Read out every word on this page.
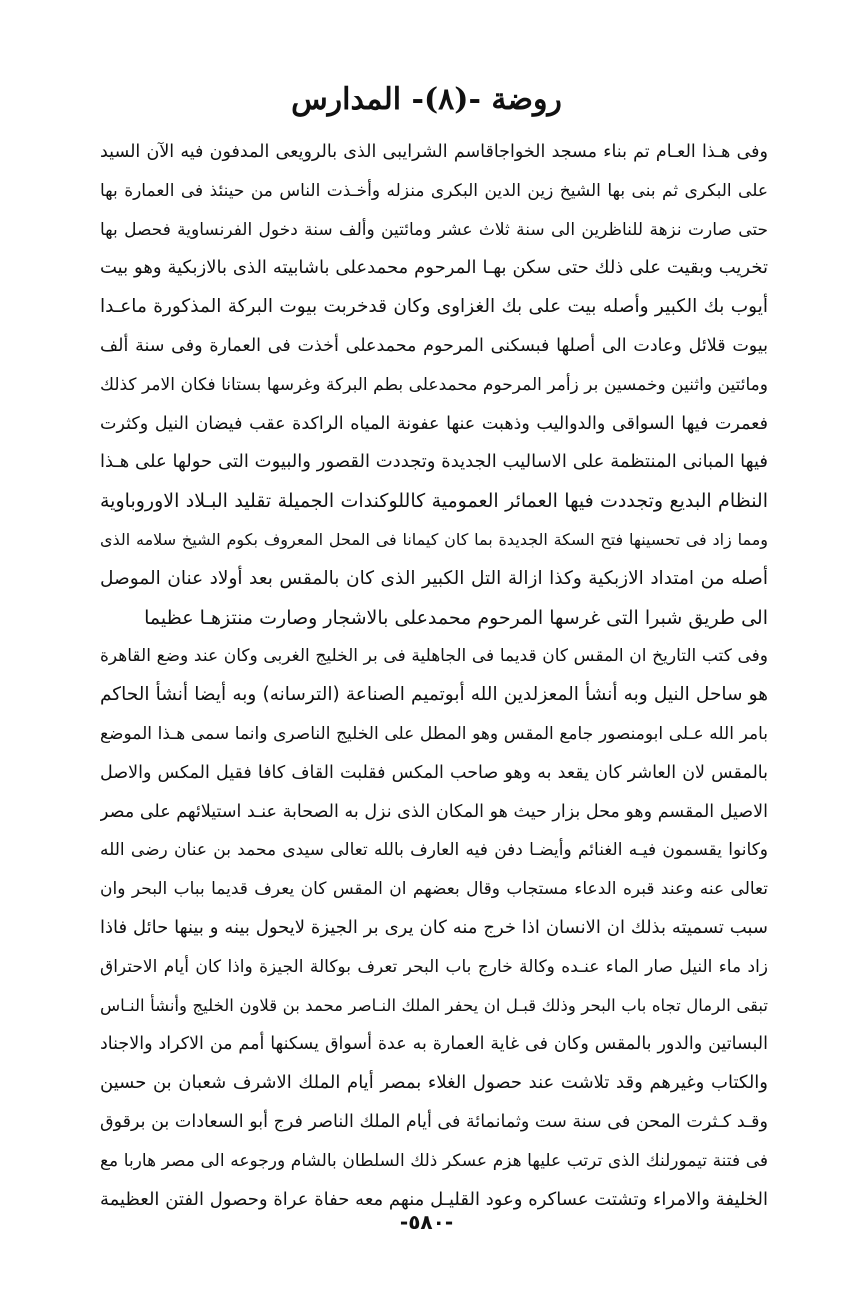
روضة -(٨)- المدارس
وفى هـذا العـام تم بناء مسجد الخواجاقاسم الشرايبى الذى بالرويعى المدفون فيه الآن السيد
على البكرى ثم بنى بها الشيخ زين الدين البكرى منزله وأخـذت الناس من حينئذ فى العمارة بها
حتى صارت نزهة للناظرين الى سنة ثلاث عشر ومائتين وألف سنة دخول الفرنساوية فحصل بها
تخريب وبقيت على ذلك حتى سكن بهـا المرحوم محمدعلى باشابيته الذى بالازبكية وهو بيت
أيوب بك الكبير وأصله بيت على بك الغزاوى وكان قدخربت بيوت البركة المذكورة ماعـدا
بيوت قلائل وعادت الى أصلها فبسكنى المرحوم محمدعلى أخذت فى العمارة وفى سنة ألف
ومائتين واثنين وخمسين بر زأمر المرحوم محمدعلى بطم البركة وغرسها بستانا فكان الامر كذلك
فعمرت فيها السواقى والدواليب وذهبت عنها عفونة المياه الراكدة عقب فيضان النيل وكثرت
فيها المبانى المنتظمة على الاساليب الجديدة وتجددت القصور والبيوت التى حولها على هـذا
النظام البديع وتجددت فيها العمائر العمومية كاللوكندات الجميلة تقليد البـلاد الاوروباوية
ومما زاد فى تحسينها فتح السكة الجديدة بما كان كيمانا فى المحل المعروف بكوم الشيخ سلامه الذى
أصله من امتداد الازبكية وكذا ازالة التل الكبير الذى كان بالمقس بعد أولاد عنان الموصل
الى طريق شبرا التى غرسها المرحوم محمدعلى بالاشجار وصارت منتزهـا عظيما
وفى كتب التاريخ ان المقس كان قديما فى الجاهلية فى بر الخليج الغربى وكان عند وضع القاهرة
هو ساحل النيل وبه أنشأ المعزلدين الله أبوتميم الصناعة (الترسانه) وبه أيضا أنشأ الحاكم
بامر الله عـلى ابومنصور جامع المقس وهو المطل على الخليج الناصرى وانما سمى هـذا الموضع
بالمقس لان العاشر كان يقعد به وهو صاحب المكس فقلبت القاف كافا فقيل المكس والاصل
الاصيل المقسم وهو محل بزار حيث هو المكان الذى نزل به الصحابة عنـد استيلائهم على مصر
وكانوا يقسمون فيـه الغنائم وأيضـا دفن فيه العارف بالله تعالى سيدى محمد بن عنان رضى الله
تعالى عنه وعند قبره الدعاء مستجاب وقال بعضهم ان المقس كان يعرف قديما بباب البحر وان
سبب تسميته بذلك ان الانسان اذا خرج منه كان يرى بر الجيزة لايحول بينه و بينها حائل فاذا
زاد ماء النيل صار الماء عنـده وكالة خارج باب البحر تعرف بوكالة الجيزة واذا كان أيام الاحتراق
تبقى الرمال تجاه باب البحر وذلك قبـل ان يحفر الملك النـاصر محمد بن قلاون الخليج وأنشأ النـاس
البساتين والدور بالمقس وكان فى غاية العمارة به عدة أسواق يسكنها أمم من الاكراد والاجناد
والكتاب وغيرهم وقد تلاشت عند حصول الغلاء بمصر أيام الملك الاشرف شعبان بن حسين
وقـد كـثرت المحن فى سنة ست وثمانمائة فى أيام الملك الناصر فرج أبو السعادات بن برقوق
فى فتنة تيمورلنك الذى ترتب عليها هزم عسكر ذلك السلطان بالشام ورجوعه الى مصر هاربا مع
الخليفة والامراء وتشتت عساكره وعود القليـل منهم معه حفاة عراة وحصول الفتن العظيمة
-٥٨٠-
